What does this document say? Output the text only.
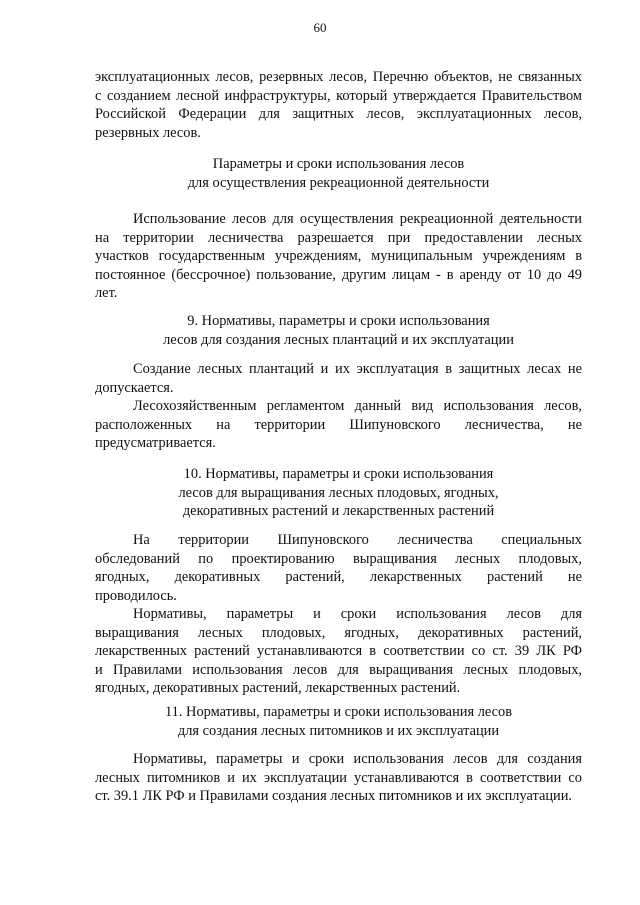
60
эксплуатационных лесов, резервных лесов, Перечню объектов, не связанных
с созданием лесной инфраструктуры, который утверждается Правительством
Российской Федерации для защитных лесов, эксплуатационных лесов,
резервных лесов.
Параметры и сроки использования лесов
для осуществления рекреационной деятельности
Использование лесов для осуществления рекреационной деятельности
на территории лесничества разрешается при предоставлении лесных
участков государственным учреждениям, муниципальным учреждениям в
постоянное (бессрочное) пользование, другим лицам - в аренду от 10 до 49
лет.
9. Нормативы, параметры и сроки использования
лесов для создания лесных плантаций и их эксплуатации
Создание лесных плантаций и их эксплуатация в защитных лесах не
допускается.
Лесохозяйственным регламентом данный вид использования лесов,
расположенных на территории Шипуновского лесничества, не
предусматривается.
10. Нормативы, параметры и сроки использования
лесов для выращивания лесных плодовых, ягодных,
декоративных растений и лекарственных растений
На территории Шипуновского лесничества специальных
обследований по проектированию выращивания лесных плодовых,
ягодных, декоративных растений, лекарственных растений не
проводилось.
Нормативы, параметры и сроки использования лесов для
выращивания лесных плодовых, ягодных, декоративных растений,
лекарственных растений устанавливаются в соответствии со ст. 39 ЛК РФ
и Правилами использования лесов для выращивания лесных плодовых,
ягодных, декоративных растений, лекарственных растений.
11. Нормативы, параметры и сроки использования лесов
для создания лесных питомников и их эксплуатации
Нормативы, параметры и сроки использования лесов для создания
лесных питомников и их эксплуатации устанавливаются в соответствии со
ст. 39.1 ЛК РФ и Правилами создания лесных питомников и их эксплуатации.
